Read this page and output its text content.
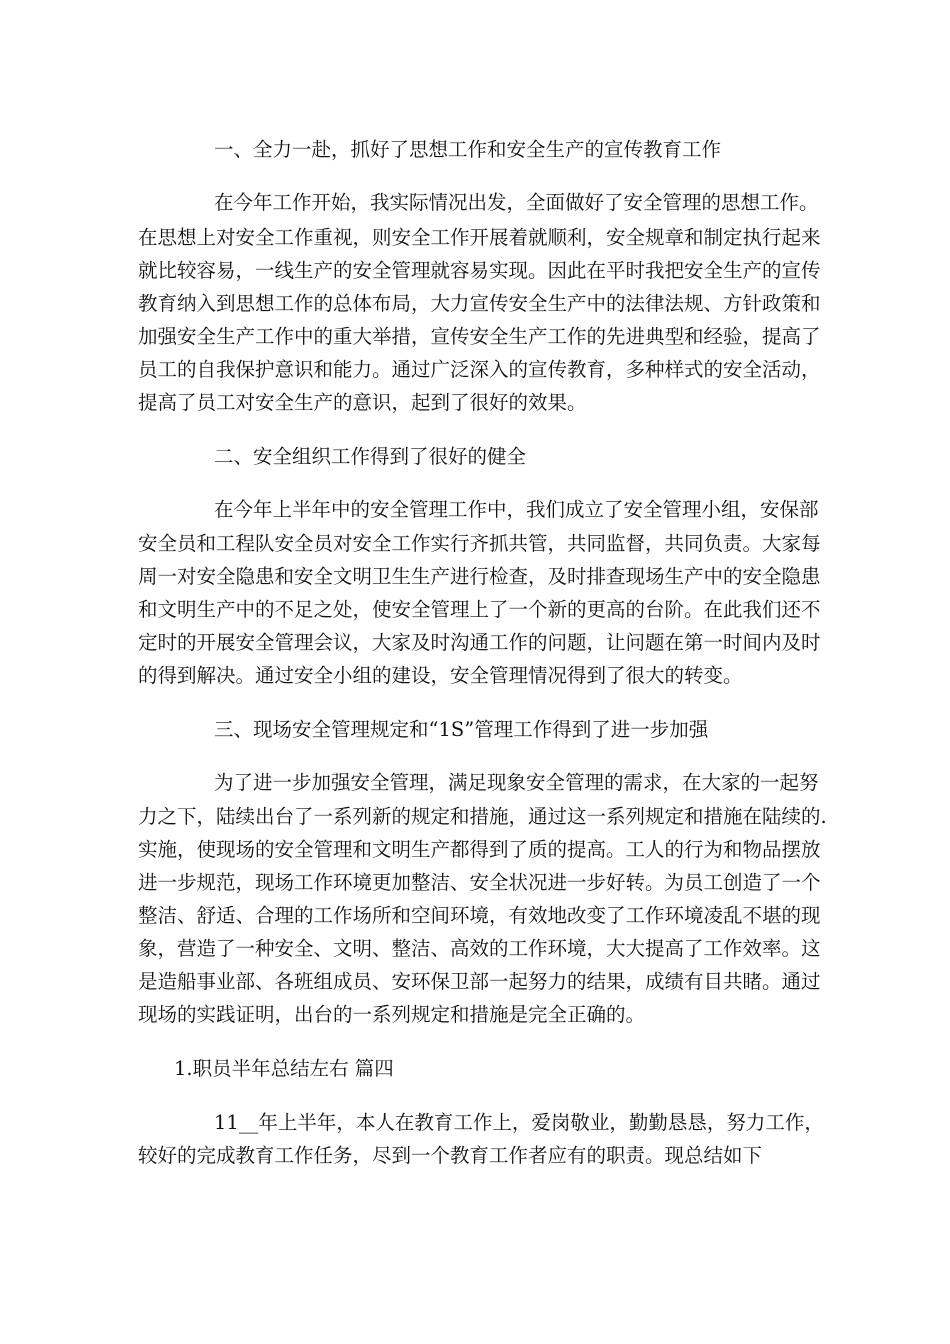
一、全力一赴，抓好了思想工作和安全生产的宣传教育工作
在今年工作开始，我实际情况出发，全面做好了安全管理的思想工作。
在思想上对安全工作重视，则安全工作开展着就顺利，安全规章和制定执行起来
就比较容易，一线生产的安全管理就容易实现。因此在平时我把安全生产的宣传
教育纳入到思想工作的总体布局，大力宣传安全生产中的法律法规、方针政策和
加强安全生产工作中的重大举措，宣传安全生产工作的先进典型和经验，提高了
员工的自我保护意识和能力。通过广泛深入的宣传教育，多种样式的安全活动，
提高了员工对安全生产的意识，起到了很好的效果。
二、安全组织工作得到了很好的健全
在今年上半年中的安全管理工作中，我们成立了安全管理小组，安保部
安全员和工程队安全员对安全工作实行齐抓共管，共同监督，共同负责。大家每
周一对安全隐患和安全文明卫生生产进行检查，及时排查现场生产中的安全隐患
和文明生产中的不足之处，使安全管理上了一个新的更高的台阶。在此我们还不
定时的开展安全管理会议，大家及时沟通工作的问题，让问题在第一时间内及时
的得到解决。通过安全小组的建设，安全管理情况得到了很大的转变。
三、现场安全管理规定和“1S”管理工作得到了进一步加强
为了进一步加强安全管理，满足现象安全管理的需求，在大家的一起努
力之下，陆续出台了一系列新的规定和措施，通过这一系列规定和措施在陆续的.
实施，使现场的安全管理和文明生产都得到了质的提高。工人的行为和物品摆放
进一步规范，现场工作环境更加整洁、安全状况进一步好转。为员工创造了一个
整洁、舒适、合理的工作场所和空间环境，有效地改变了工作环境凌乱不堪的现
象，营造了一种安全、文明、整洁、高效的工作环境，大大提高了工作效率。这
是造船事业部、各班组成员、安环保卫部一起努力的结果，成绩有目共睹。通过
现场的实践证明，出台的一系列规定和措施是完全正确的。
1.职员半年总结左右 篇四
11__年上半年，本人在教育工作上，爱岗敬业，勤勤恳恳，努力工作，
较好的完成教育工作任务，尽到一个教育工作者应有的职责。现总结如下
